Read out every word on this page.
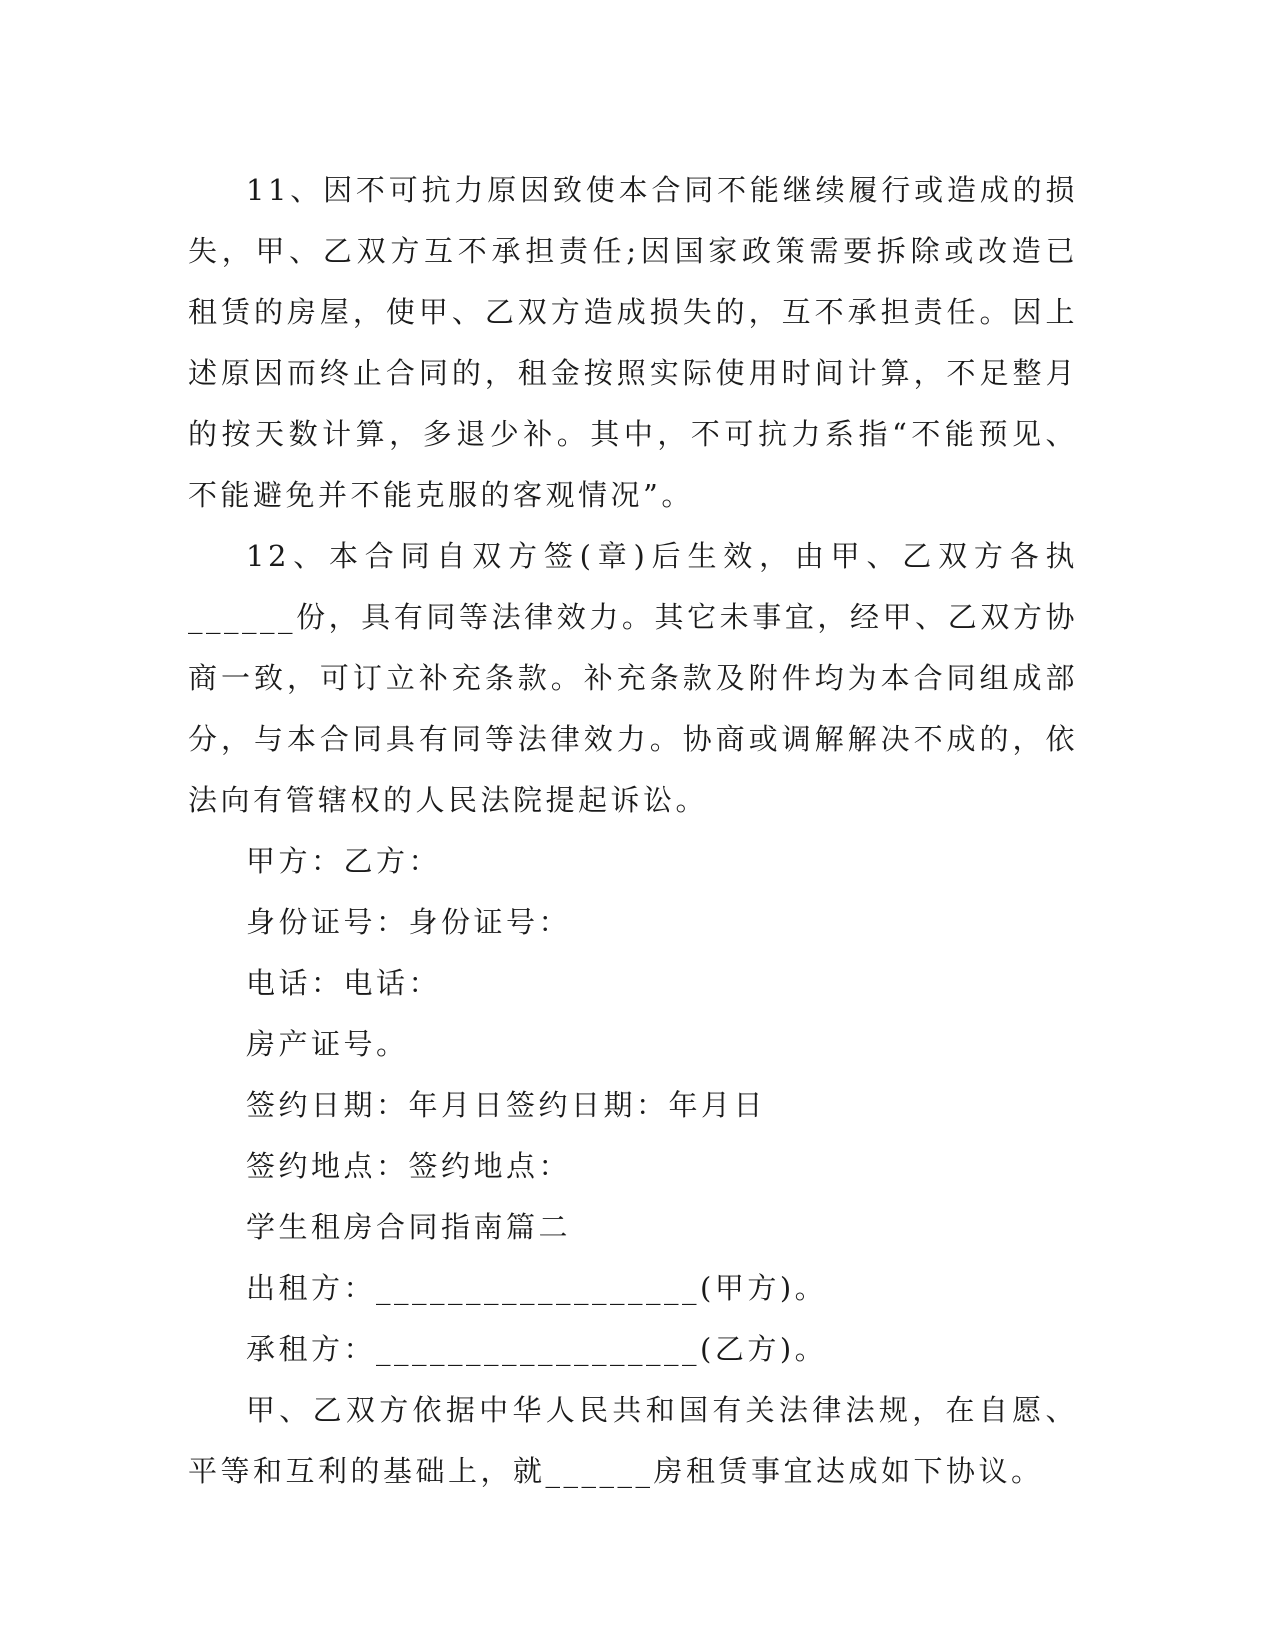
11、因不可抗力原因致使本合同不能继续履行或造成的损失，甲、乙双方互不承担责任;因国家政策需要拆除或改造已租赁的房屋，使甲、乙双方造成损失的，互不承担责任。因上述原因而终止合同的，租金按照实际使用时间计算，不足整月的按天数计算，多退少补。其中，不可抗力系指“不能预见、不能避免并不能克服的客观情况”。

12、本合同自双方签(章)后生效，由甲、乙双方各执______份，具有同等法律效力。其它未事宜，经甲、乙双方协商一致，可订立补充条款。补充条款及附件均为本合同组成部分，与本合同具有同等法律效力。协商或调解解决不成的，依法向有管辖权的人民法院提起诉讼。

甲方：乙方：

身份证号：身份证号：

电话：电话：

房产证号。

签约日期：年月日签约日期：年月日

签约地点：签约地点：

学生租房合同指南篇二

出租方：__________________(甲方)。

承租方：__________________(乙方)。

甲、乙双方依据中华人民共和国有关法律法规，在自愿、平等和互利的基础上，就______房租赁事宜达成如下协议。
